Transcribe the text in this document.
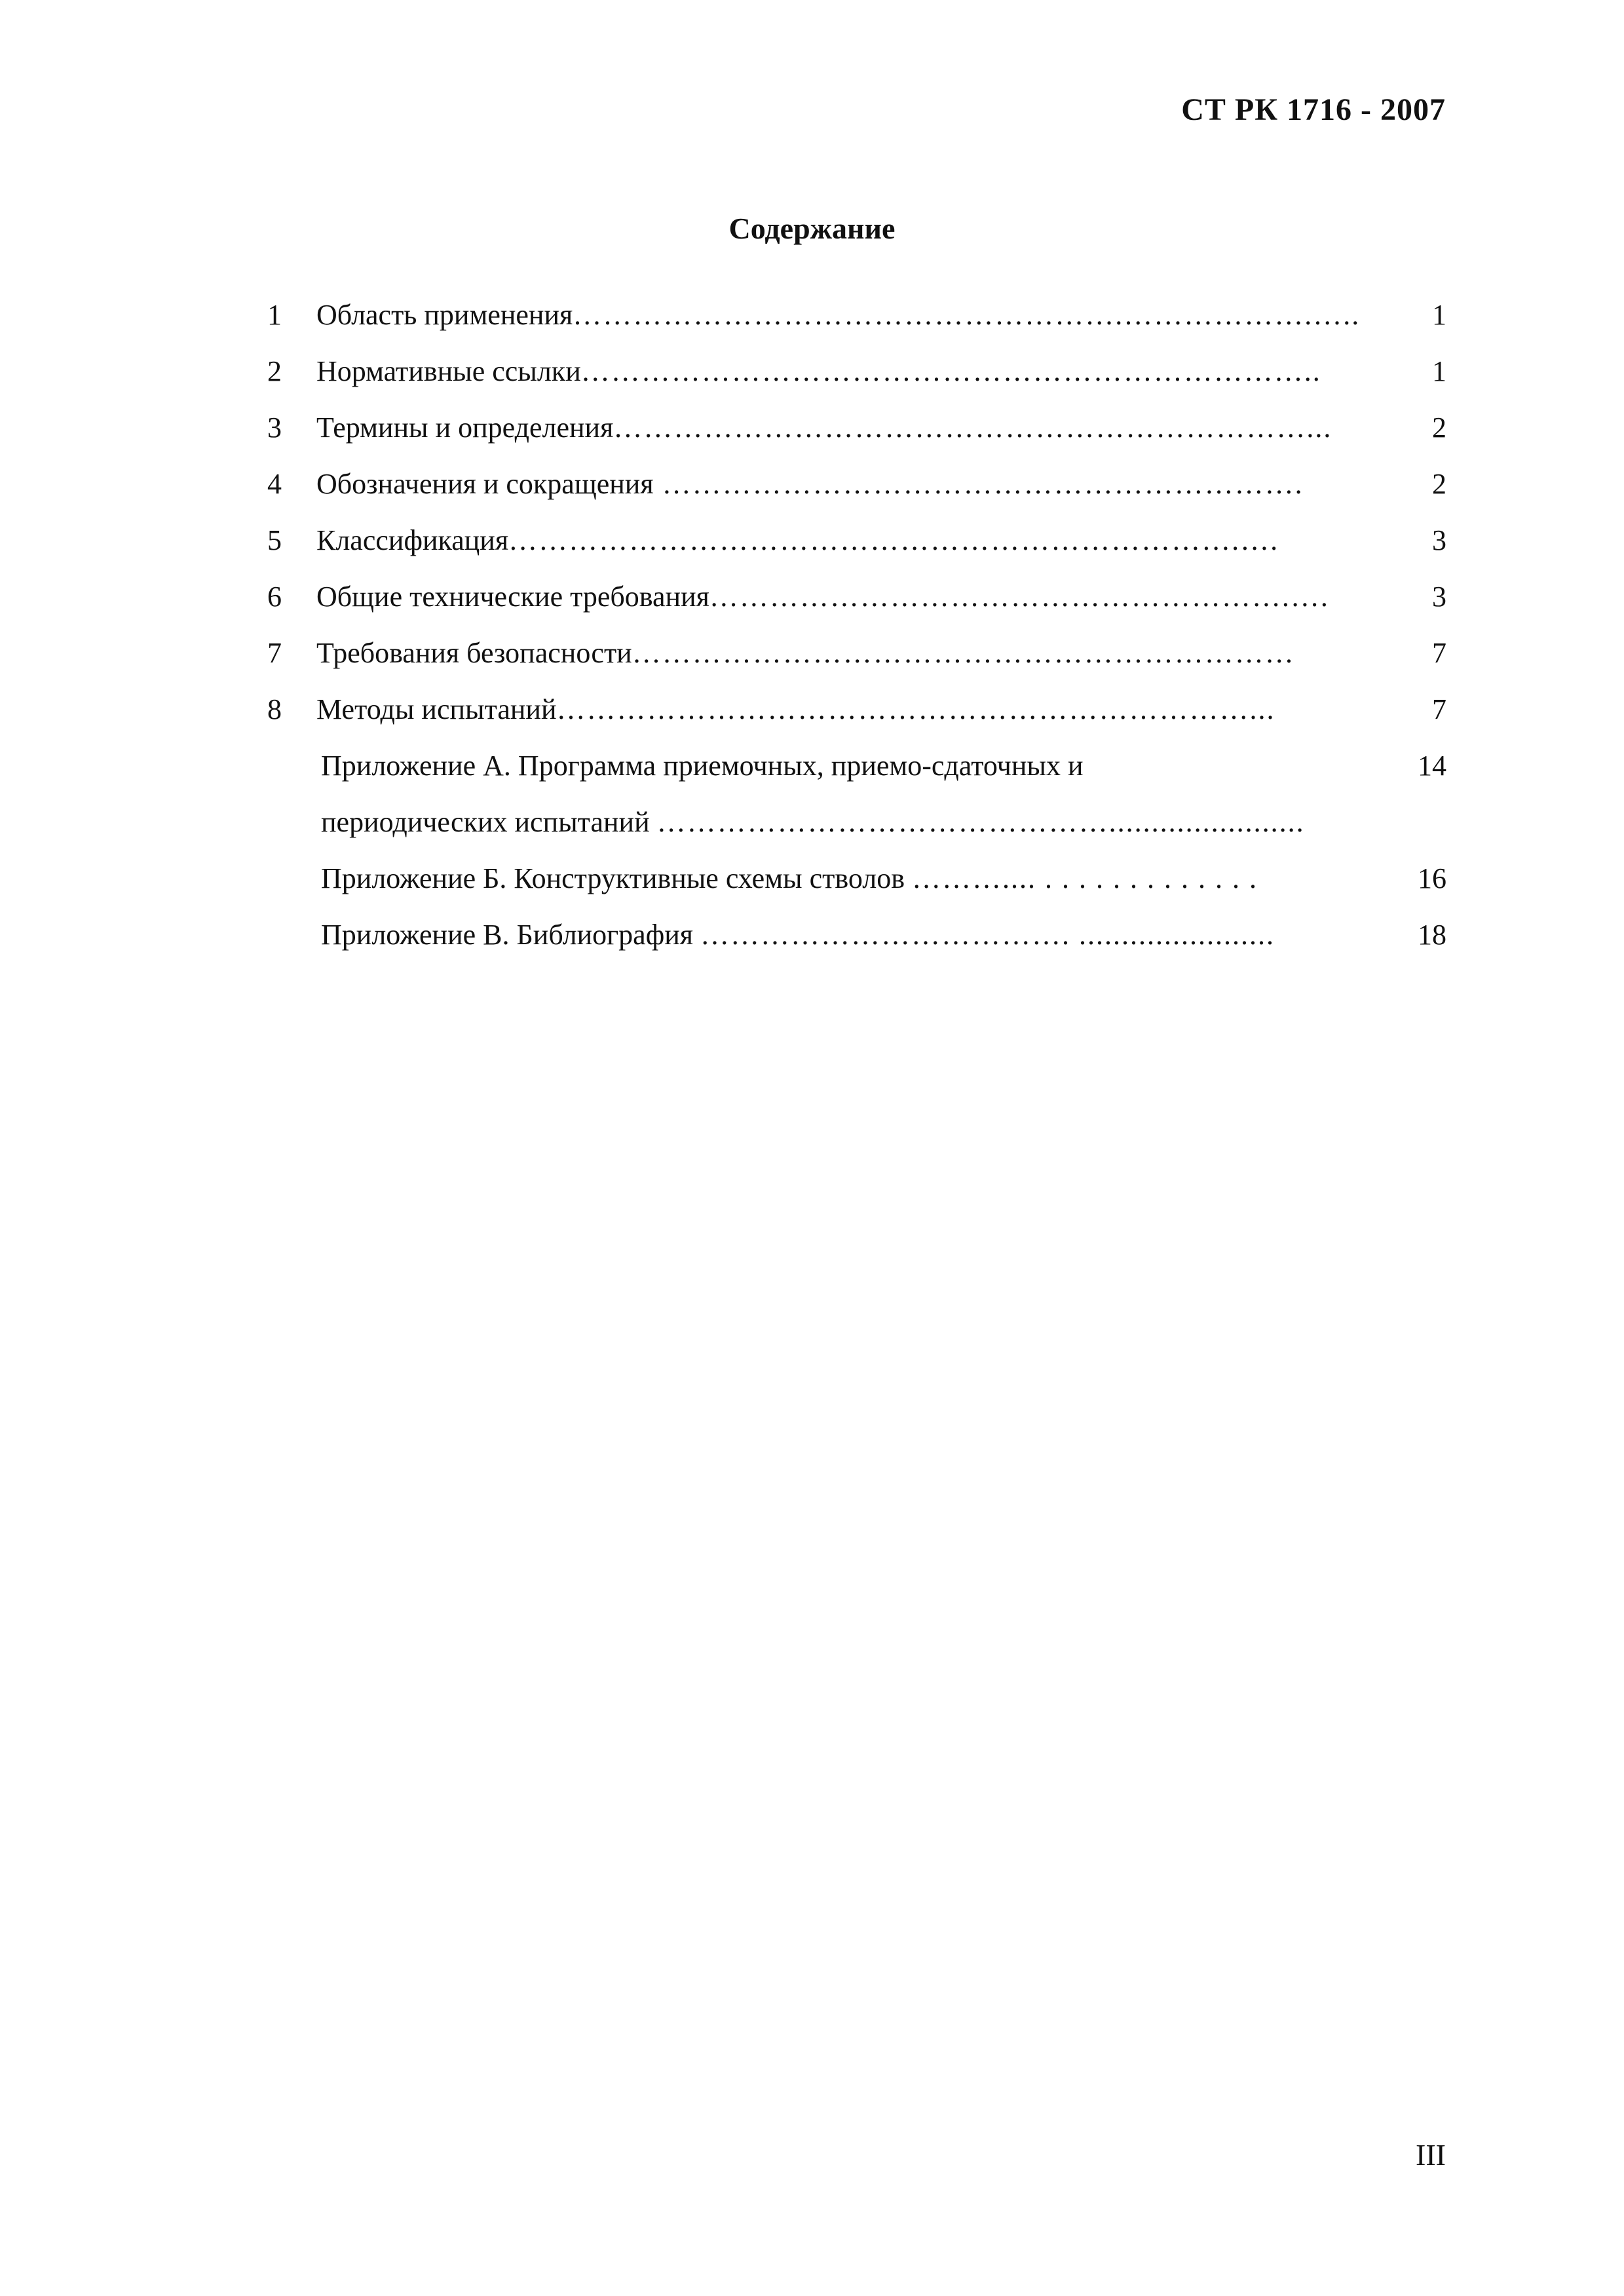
СТ РК 1716 - 2007
Содержание
1	Область применения……………………………………………….……………….…..	1
2	Нормативные ссылки………………………………………………………………..	1
3	Термины и определения……………………………………………………………...	2
4	Обозначения и сокращения ……………………………………………………….	2
5	Классификация……………………………………………………………….….	3
6	Общие технические требования………………………………………………….….	3
7	Требования безопасности…………………………………………………………	7
8	Методы испытаний……………………………………………………………...	7
Приложение А. Программа приемочных, приемо-сдаточных и	14
периодических испытаний ……………………………………….......................
Приложение Б. Конструктивные схемы стволов ……….... . . . . . . . . . . . . .	16
Приложение В. Библиография ………………………………. .......................	18
III
